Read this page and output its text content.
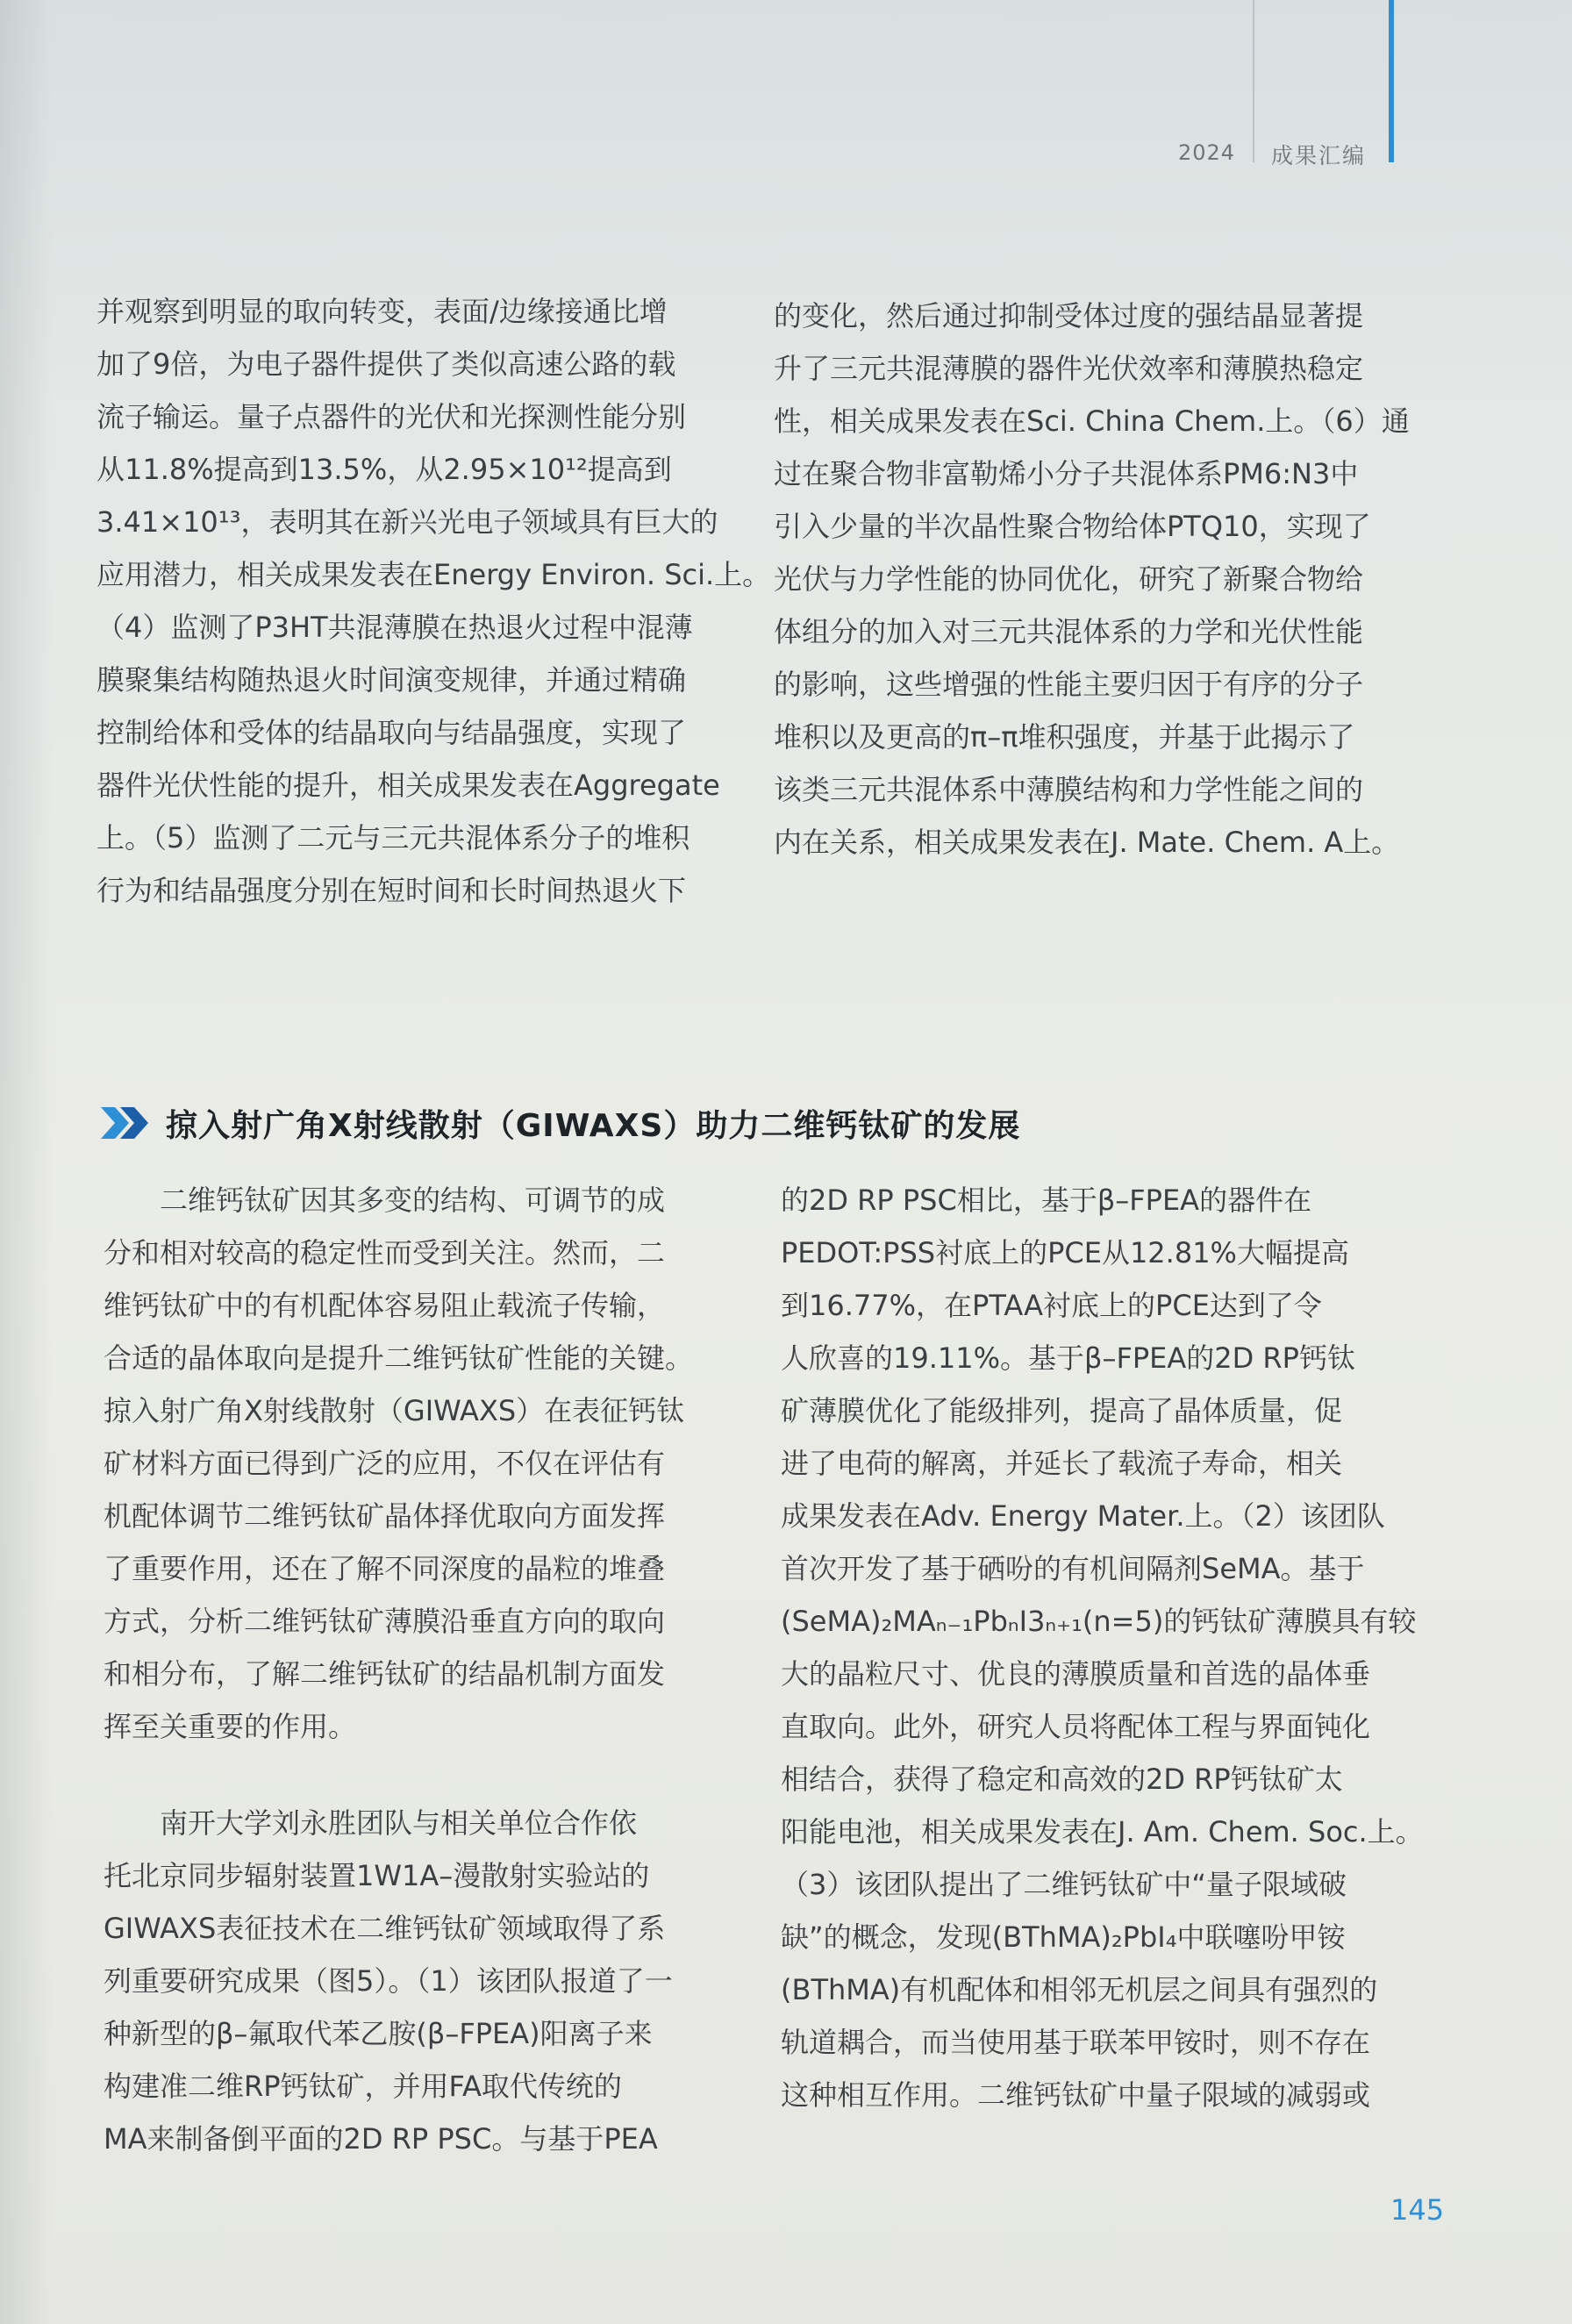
2024 成果汇编
并观察到明显的取向转变，表面/边缘接通比增
加了9倍，为电子器件提供了类似高速公路的载
流子输运。量子点器件的光伏和光探测性能分别
从11.8%提高到13.5%，从2.95×10¹²提高到
3.41×10¹³，表明其在新兴光电子领域具有巨大的
应用潜力，相关成果发表在Energy Environ. Sci.上。
（4）监测了P3HT共混薄膜在热退火过程中混薄
膜聚集结构随热退火时间演变规律，并通过精确
控制给体和受体的结晶取向与结晶强度，实现了
器件光伏性能的提升，相关成果发表在Aggregate
上。（5）监测了二元与三元共混体系分子的堆积
行为和结晶强度分别在短时间和长时间热退火下
的变化，然后通过抑制受体过度的强结晶显著提
升了三元共混薄膜的器件光伏效率和薄膜热稳定
性，相关成果发表在Sci. China Chem.上。（6）通
过在聚合物非富勒烯小分子共混体系PM6:N3中
引入少量的半次晶性聚合物给体PTQ10，实现了
光伏与力学性能的协同优化，研究了新聚合物给
体组分的加入对三元共混体系的力学和光伏性能
的影响，这些增强的性能主要归因于有序的分子
堆积以及更高的π–π堆积强度，并基于此揭示了
该类三元共混体系中薄膜结构和力学性能之间的
内在关系，相关成果发表在J. Mate. Chem. A上。
掠入射广角X射线散射（GIWAXS）助力二维钙钛矿的发展
　　二维钙钛矿因其多变的结构、可调节的成
分和相对较高的稳定性而受到关注。然而，二
维钙钛矿中的有机配体容易阻止载流子传输，
合适的晶体取向是提升二维钙钛矿性能的关键。
掠入射广角X射线散射（GIWAXS）在表征钙钛
矿材料方面已得到广泛的应用，不仅在评估有
机配体调节二维钙钛矿晶体择优取向方面发挥
了重要作用，还在了解不同深度的晶粒的堆叠
方式，分析二维钙钛矿薄膜沿垂直方向的取向
和相分布，了解二维钙钛矿的结晶机制方面发
挥至关重要的作用。
　　南开大学刘永胜团队与相关单位合作依
托北京同步辐射装置1W1A–漫散射实验站的
GIWAXS表征技术在二维钙钛矿领域取得了系
列重要研究成果（图5）。（1）该团队报道了一
种新型的β–氟取代苯乙胺(β–FPEA)阳离子来
构建准二维RP钙钛矿，并用FA取代传统的
MA来制备倒平面的2D RP PSC。与基于PEA
的2D RP PSC相比，基于β–FPEA的器件在
PEDOT:PSS衬底上的PCE从12.81%大幅提高
到16.77%，在PTAA衬底上的PCE达到了令
人欣喜的19.11%。基于β–FPEA的2D RP钙钛
矿薄膜优化了能级排列，提高了晶体质量，促
进了电荷的解离，并延长了载流子寿命，相关
成果发表在Adv. Energy Mater.上。（2）该团队
首次开发了基于硒吩的有机间隔剂SeMA。基于
(SeMA)₂MAₙ₋₁PbₙI3ₙ₊₁(n=5)的钙钛矿薄膜具有较
大的晶粒尺寸、优良的薄膜质量和首选的晶体垂
直取向。此外，研究人员将配体工程与界面钝化
相结合，获得了稳定和高效的2D RP钙钛矿太
阳能电池，相关成果发表在J. Am. Chem. Soc.上。
（3）该团队提出了二维钙钛矿中“量子限域破
缺”的概念，发现(BThMA)₂PbI₄中联噻吩甲铵
(BThMA)有机配体和相邻无机层之间具有强烈的
轨道耦合，而当使用基于联苯甲铵时，则不存在
这种相互作用。二维钙钛矿中量子限域的减弱或
145
